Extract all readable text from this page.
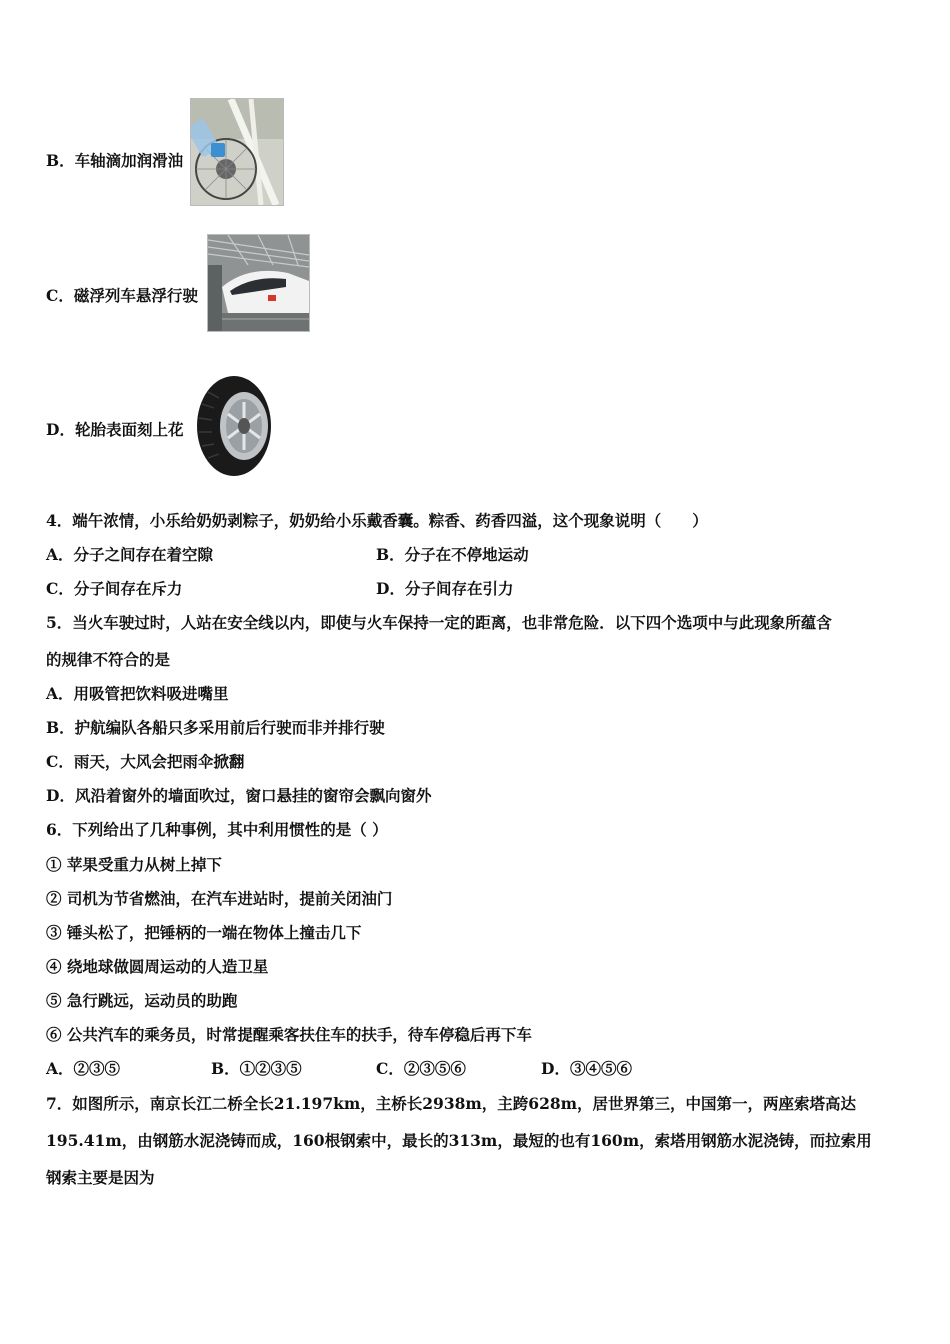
B．车轴滴加润滑油
C．磁浮列车悬浮行驶
D．轮胎表面刻上花
4．端午浓情，小乐给奶奶剥粽子，奶奶给小乐戴香囊。粽香、药香四溢，这个现象说明（　　）
A．分子之间存在着空隙	B．分子在不停地运动
C．分子间存在斥力	D．分子间存在引力
5．当火车驶过时，人站在安全线以内，即使与火车保持一定的距离，也非常危险．以下四个选项中与此现象所蕴含
的规律不符合的是
A．用吸管把饮料吸进嘴里
B．护航编队各船只多采用前后行驶而非并排行驶
C．雨天，大风会把雨伞掀翻
D．风沿着窗外的墙面吹过，窗口悬挂的窗帘会飘向窗外
6．下列给出了几种事例，其中利用惯性的是（ ）
① 苹果受重力从树上掉下
② 司机为节省燃油，在汽车进站时，提前关闭油门
③ 锤头松了，把锤柄的一端在物体上撞击几下
④ 绕地球做圆周运动的人造卫星
⑤ 急行跳远，运动员的助跑
⑥ 公共汽车的乘务员，时常提醒乘客扶住车的扶手，待车停稳后再下车
A．②③⑤	B．①②③⑤	C．②③⑤⑥	D．③④⑤⑥
7．如图所示，南京长江二桥全长21.197km，主桥长2938m，主跨628m，居世界第三，中国第一，两座索塔高达
195.41m，由钢筋水泥浇铸而成，160根钢索中，最长的313m，最短的也有160m，索塔用钢筋水泥浇铸，而拉索用
钢索主要是因为
